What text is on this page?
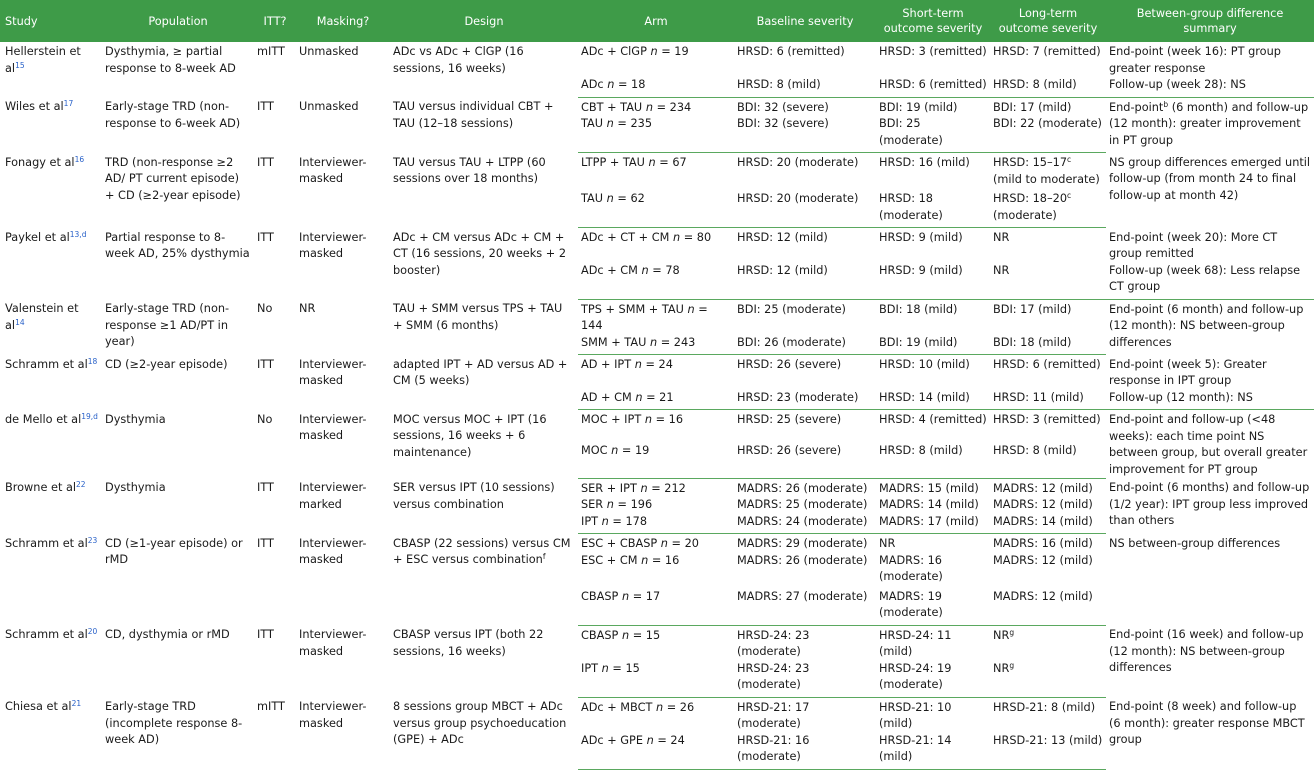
Study	Population	ITT?	Masking?	Design	Arm	Baseline severity	Short-term outcome severity	Long-term outcome severity	Between-group difference summary
Hellerstein et al$^{15}$	Dysthymia, ≥ partial response to 8-week AD	mITT	Unmasked	ADc vs ADc + ClGP (16 sessions, 16 weeks)	ADc + ClGP n = 19	HRSD: 6 (remitted)	HRSD: 3 (remitted)	HRSD: 7 (remitted)	End-point (week 16): PT group greater response
					ADc n = 18	HRSD: 8 (mild)	HRSD: 6 (remitted)	HRSD: 8 (mild)	Follow-up (week 28): NS
Wiles et al$^{17}$	Early-stage TRD (non-response to 6-week AD)	ITT	Unmasked	TAU versus individual CBT + TAU (12–18 sessions)	CBT + TAU n = 234	BDI: 32 (severe)	BDI: 19 (mild)	BDI: 17 (mild)	End-point$^b$ (6 month) and follow-up (12 month): greater improvement in PT group
					TAU n = 235	BDI: 32 (severe)	BDI: 25 (moderate)	BDI: 22 (moderate)	
Fonagy et al$^{16}$	TRD (non-response ≥2 AD/ PT current episode) + CD (≥2-year episode)	ITT	Interviewer-masked	TAU versus TAU + LTPP (60 sessions over 18 months)	LTPP + TAU n = 67	HRSD: 20 (moderate)	HRSD: 16 (mild)	HRSD: 15–17$^c$ (mild to moderate)	NS group differences emerged until follow-up (from month 24 to final follow-up at month 42)
					TAU n = 62	HRSD: 20 (moderate)	HRSD: 18 (moderate)	HRSD: 18–20$^c$ (moderate)	
Paykel et al$^{13,d}$	Partial response to 8-week AD, 25% dysthymia	ITT	Interviewer-masked	ADc + CM versus ADc + CM + CT (16 sessions, 20 weeks + 2 booster)	ADc + CT + CM n = 80	HRSD: 12 (mild)	HRSD: 9 (mild)	NR	End-point (week 20): More CT group remitted
					ADc + CM n = 78	HRSD: 12 (mild)	HRSD: 9 (mild)	NR	Follow-up (week 68): Less relapse CT group
Valenstein et al$^{14}$	Early-stage TRD (non-response ≥1 AD/PT in year)	No	NR	TAU + SMM versus TPS + TAU + SMM (6 months)	TPS + SMM + TAU n = 144	BDI: 25 (moderate)	BDI: 18 (mild)	BDI: 17 (mild)	End-point (6 month) and follow-up (12 month): NS between-group differences
					SMM + TAU n = 243	BDI: 26 (moderate)	BDI: 19 (mild)	BDI: 18 (mild)	
Schramm et al$^{18}$	CD (≥2-year episode)	ITT	Interviewer-masked	adapted IPT + AD versus AD + CM (5 weeks)	AD + IPT n = 24	HRSD: 26 (severe)	HRSD: 10 (mild)	HRSD: 6 (remitted)	End-point (week 5): Greater response in IPT group
					AD + CM n = 21	HRSD: 23 (moderate)	HRSD: 14 (mild)	HRSD: 11 (mild)	Follow-up (12 month): NS
de Mello et al$^{19,d}$	Dysthymia	No	Interviewer-masked	MOC versus MOC + IPT (16 sessions, 16 weeks + 6 maintenance)	MOC + IPT n = 16	HRSD: 25 (severe)	HRSD: 4 (remitted)	HRSD: 3 (remitted)	End-point and follow-up (<48 weeks): each time point NS between group, but overall greater improvement for PT group
					MOC n = 19	HRSD: 26 (severe)	HRSD: 8 (mild)	HRSD: 8 (mild)	
Browne et al$^{22}$	Dysthymia	ITT	Interviewer-marked	SER versus IPT (10 sessions) versus combination	SER + IPT n = 212	MADRS: 26 (moderate)	MADRS: 15 (mild)	MADRS: 12 (mild)	End-point (6 months) and follow-up (1/2 year): IPT group less improved than others
					SER n = 196	MADRS: 25 (moderate)	MADRS: 14 (mild)	MADRS: 12 (mild)	
					IPT n = 178	MADRS: 24 (moderate)	MADRS: 17 (mild)	MADRS: 14 (mild)	
Schramm et al$^{23}$	CD (≥1-year episode) or rMD	ITT	Interviewer-masked	CBASP (22 sessions) versus CM + ESC versus combination$^f$	ESC + CBASP n = 20	MADRS: 29 (moderate)	NR	MADRS: 16 (mild)	NS between-group differences
					ESC + CM n = 16	MADRS: 26 (moderate)	MADRS: 16 (moderate)	MADRS: 12 (mild)	
					CBASP n = 17	MADRS: 27 (moderate)	MADRS: 19 (moderate)	MADRS: 12 (mild)	
Schramm et al$^{20}$	CD, dysthymia or rMD	ITT	Interviewer-masked	CBASP versus IPT (both 22 sessions, 16 weeks)	CBASP n = 15	HRSD-24: 23 (moderate)	HRSD-24: 11 (mild)	$NR^g$	End-point (16 week) and follow-up (12 month): NS between-group differences
					IPT n = 15	HRSD-24: 23 (moderate)	HRSD-24: 19 (moderate)	$NR^g$
Chiesa et al$^{21}$	Early-stage TRD (incomplete response 8-week AD)	mITT	Interviewer-masked	8 sessions group MBCT + ADc versus group psychoeducation (GPE) + ADc	ADc + MBCT n = 26	HRSD-21: 17 (moderate)	HRSD-21: 10 (mild)	HRSD-21: 8 (mild)	End-point (8 week) and follow-up (6 month): greater response MBCT group
					ADc + GPE n = 24	HRSD-21: 16 (moderate)	HRSD-21: 14 (mild)	HRSD-21: 13 (mild)	
